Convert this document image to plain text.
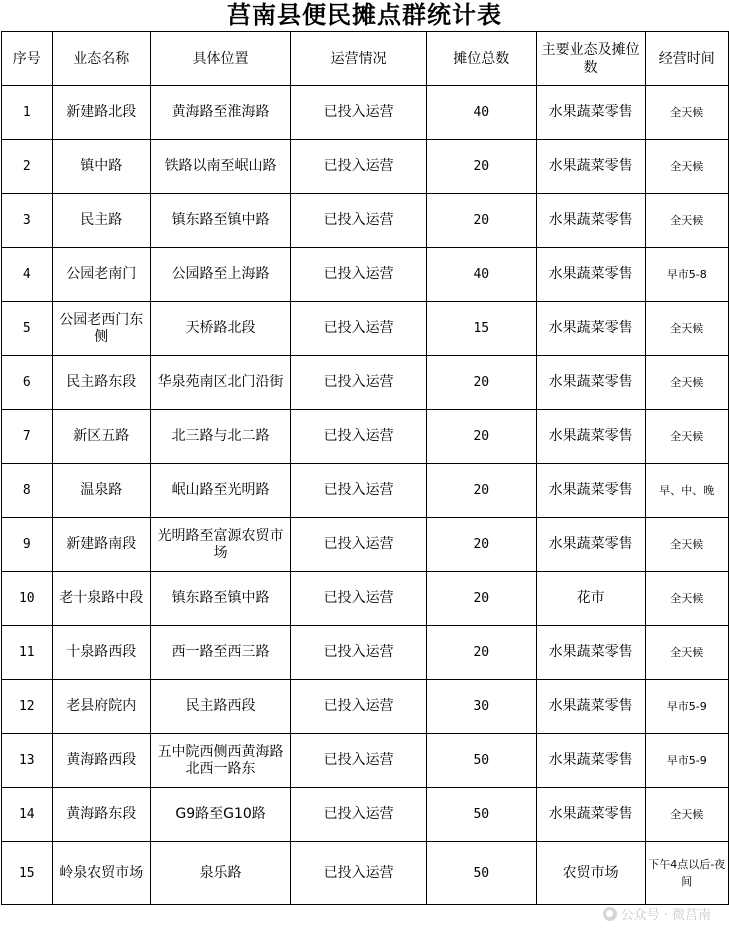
莒南县便民摊点群统计表
序号	业态名称	具体位置	运营情况	摊位总数	主要业态及摊位数	经营时间
1	新建路北段	黄海路至淮海路	已投入运营	40	水果蔬菜零售	全天候
2	镇中路	铁路以南至岷山路	已投入运营	20	水果蔬菜零售	全天候
3	民主路	镇东路至镇中路	已投入运营	20	水果蔬菜零售	全天候
4	公园老南门	公园路至上海路	已投入运营	40	水果蔬菜零售	早市5-8
5	公园老西门东侧	天桥路北段	已投入运营	15	水果蔬菜零售	全天候
6	民主路东段	华泉苑南区北门沿街	已投入运营	20	水果蔬菜零售	全天候
7	新区五路	北三路与北二路	已投入运营	20	水果蔬菜零售	全天候
8	温泉路	岷山路至光明路	已投入运营	20	水果蔬菜零售	早、中、晚
9	新建路南段	光明路至富源农贸市场	已投入运营	20	水果蔬菜零售	全天候
10	老十泉路中段	镇东路至镇中路	已投入运营	20	花市	全天候
11	十泉路西段	西一路至西三路	已投入运营	20	水果蔬菜零售	全天候
12	老县府院内	民主路西段	已投入运营	30	水果蔬菜零售	早市5-9
13	黄海路西段	五中院西侧西黄海路北西一路东	已投入运营	50	水果蔬菜零售	早市5-9
14	黄海路东段	G9路至G10路	已投入运营	50	水果蔬菜零售	全天候
15	岭泉农贸市场	泉乐路	已投入运营	50	农贸市场	下午4点以后-夜间
● 公众号 · 微莒南
